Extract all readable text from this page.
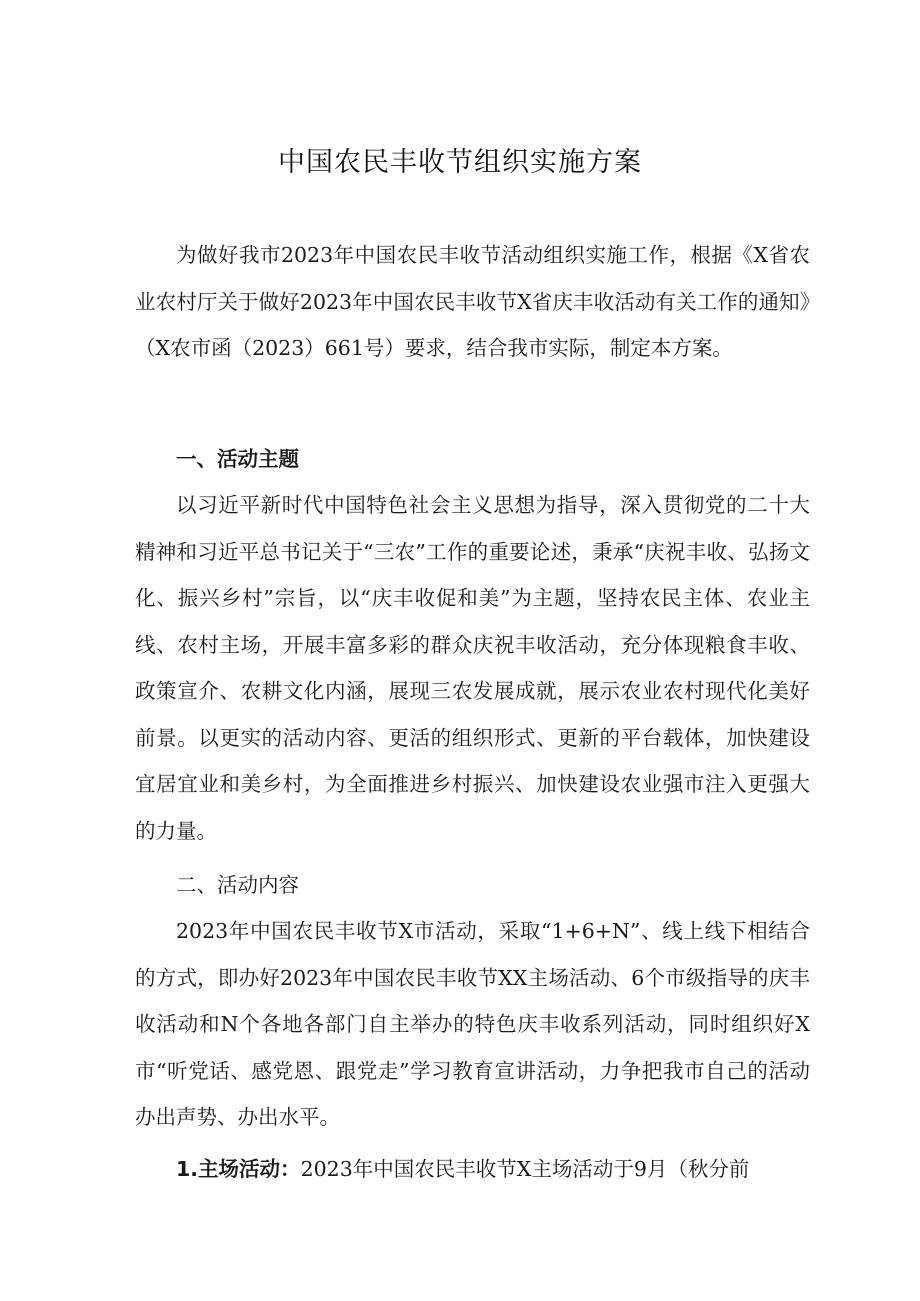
中国农民丰收节组织实施方案

为做好我市2023年中国农民丰收节活动组织实施工作，根据《X省农业农村厅关于做好2023年中国农民丰收节X省庆丰收活动有关工作的通知》（X农市函（2023）661号）要求，结合我市实际，制定本方案。

一、活动主题

以习近平新时代中国特色社会主义思想为指导，深入贯彻党的二十大精神和习近平总书记关于“三农”工作的重要论述，秉承“庆祝丰收、弘扬文化、振兴乡村”宗旨，以“庆丰收促和美”为主题，坚持农民主体、农业主线、农村主场，开展丰富多彩的群众庆祝丰收活动，充分体现粮食丰收、政策宣介、农耕文化内涵，展现三农发展成就，展示农业农村现代化美好前景。以更实的活动内容、更活的组织形式、更新的平台载体，加快建设宜居宜业和美乡村，为全面推进乡村振兴、加快建设农业强市注入更强大的力量。

二、活动内容

2023年中国农民丰收节X市活动，采取“1+6+N”、线上线下相结合的方式，即办好2023年中国农民丰收节XX主场活动、6个市级指导的庆丰收活动和N个各地各部门自主举办的特色庆丰收系列活动，同时组织好X市“听党话、感党恩、跟党走”学习教育宣讲活动，力争把我市自己的活动办出声势、办出水平。

1.主场活动：2023年中国农民丰收节X主场活动于9月（秋分前
